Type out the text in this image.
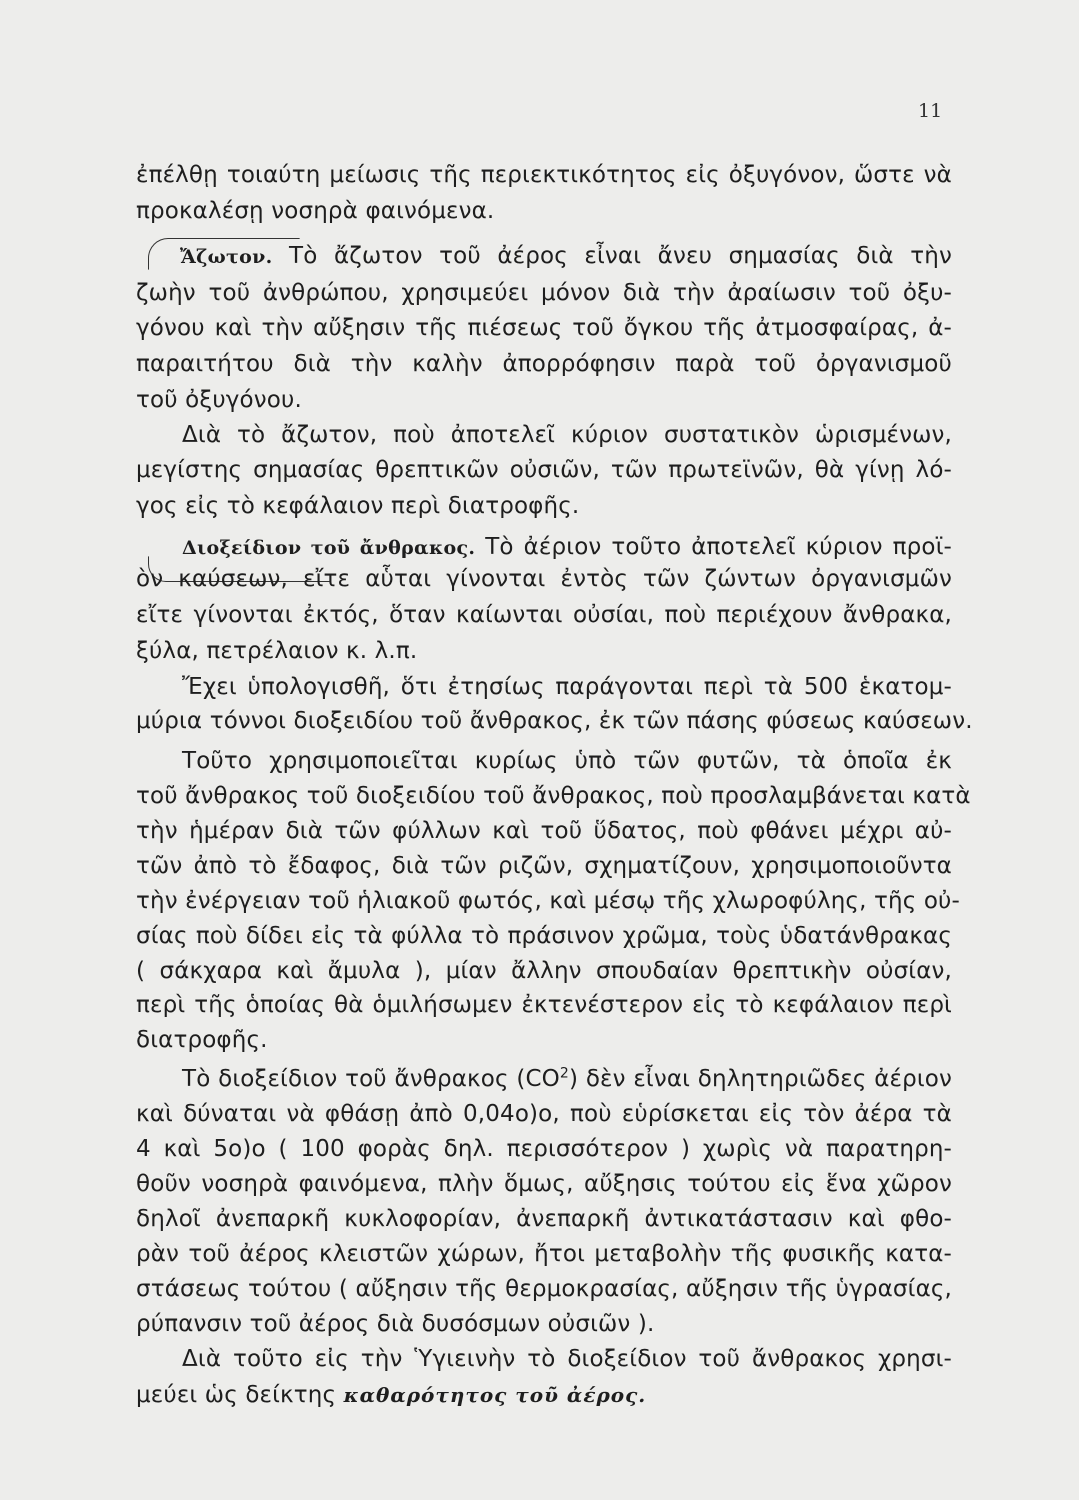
11
ἐπέλθῃ τοιαύτη μείωσις τῆς περιεκτικότητος εἰς ὀξυγόνον, ὥστε νὰ
προκαλέσῃ νοσηρὰ φαινόμενα.
Ἄζωτον. Τὸ ἄζωτον τοῦ ἀέρος εἶναι ἄνευ σημασίας διὰ τὴν
ζωὴν τοῦ ἀνθρώπου, χρησιμεύει μόνον διὰ τὴν ἀραίωσιν τοῦ ὀξυ-
γόνου καὶ τὴν αὔξησιν τῆς πιέσεως τοῦ ὄγκου τῆς ἀτμοσφαίρας, ἀ-
παραιτήτου διὰ τὴν καλὴν ἀπορρόφησιν παρὰ τοῦ ὀργανισμοῦ
τοῦ ὀξυγόνου.
Διὰ τὸ ἄζωτον, ποὺ ἀποτελεῖ κύριον συστατικὸν ὡρισμένων,
μεγίστης σημασίας θρεπτικῶν οὐσιῶν, τῶν πρωτεϊνῶν, θὰ γίνῃ λό-
γος εἰς τὸ κεφάλαιον περὶ διατροφῆς.
Διοξείδιον τοῦ ἄνθρακος. Τὸ ἀέριον τοῦτο ἀποτελεῖ κύριον προϊ-
ὸν καύσεων, εἴτε αὗται γίνονται ἐντὸς τῶν ζώντων ὀργανισμῶν
εἴτε γίνονται ἐκτός, ὅταν καίωνται οὐσίαι, ποὺ περιέχουν ἄνθρακα,
ξύλα, πετρέλαιον κ. λ.π.
Ἔχει ὑπολογισθῆ, ὅτι ἐτησίως παράγονται περὶ τὰ 500 ἑκατομ-
μύρια τόννοι διοξειδίου τοῦ ἄνθρακος, ἐκ τῶν πάσης φύσεως καύσεων.
Τοῦτο χρησιμοποιεῖται κυρίως ὑπὸ τῶν φυτῶν, τὰ ὁποῖα ἐκ
τοῦ ἄνθρακος τοῦ διοξειδίου τοῦ ἄνθρακος, ποὺ προσλαμβάνεται κατὰ
τὴν ἡμέραν διὰ τῶν φύλλων καὶ τοῦ ὕδατος, ποὺ φθάνει μέχρι αὐ-
τῶν ἀπὸ τὸ ἔδαφος, διὰ τῶν ριζῶν, σχηματίζουν, χρησιμοποιοῦντα
τὴν ἐνέργειαν τοῦ ἡλιακοῦ φωτός, καὶ μέσῳ τῆς χλωροφύλης, τῆς οὐ-
σίας ποὺ δίδει εἰς τὰ φύλλα τὸ πράσινον χρῶμα, τοὺς ὑδατάνθρακας
( σάκχαρα καὶ ἄμυλα ), μίαν ἄλλην σπουδαίαν θρεπτικὴν οὐσίαν,
περὶ τῆς ὁποίας θὰ ὁμιλήσωμεν ἐκτενέστερον εἰς τὸ κεφάλαιον περὶ
διατροφῆς.
Τὸ διοξείδιον τοῦ ἄνθρακος $(CO^2)$ δὲν εἶναι δηλητηριῶδες ἀέριον
καὶ δύναται νὰ φθάσῃ ἀπὸ 0,04ο)ο, ποὺ εὑρίσκεται εἰς τὸν ἀέρα τὰ
4 καὶ 5ο)ο ( 100 φορὰς δηλ. περισσότερον ) χωρὶς νὰ παρατηρη-
θοῦν νοσηρὰ φαινόμενα, πλὴν ὅμως, αὔξησις τούτου εἰς ἕνα χῶρον
δηλοῖ ἀνεπαρκῆ κυκλοφορίαν, ἀνεπαρκῆ ἀντικατάστασιν καὶ φθο-
ρὰν τοῦ ἀέρος κλειστῶν χώρων, ἤτοι μεταβολὴν τῆς φυσικῆς κατα-
στάσεως τούτου ( αὔξησιν τῆς θερμοκρασίας, αὔξησιν τῆς ὑγρασίας,
ρύπανσιν τοῦ ἀέρος διὰ δυσόσμων οὐσιῶν ).
Διὰ τοῦτο εἰς τὴν Ὑγιεινὴν τὸ διοξείδιον τοῦ ἄνθρακος χρησι-
μεύει ὡς δείκτης καθαρότητος τοῦ ἀέρος.
